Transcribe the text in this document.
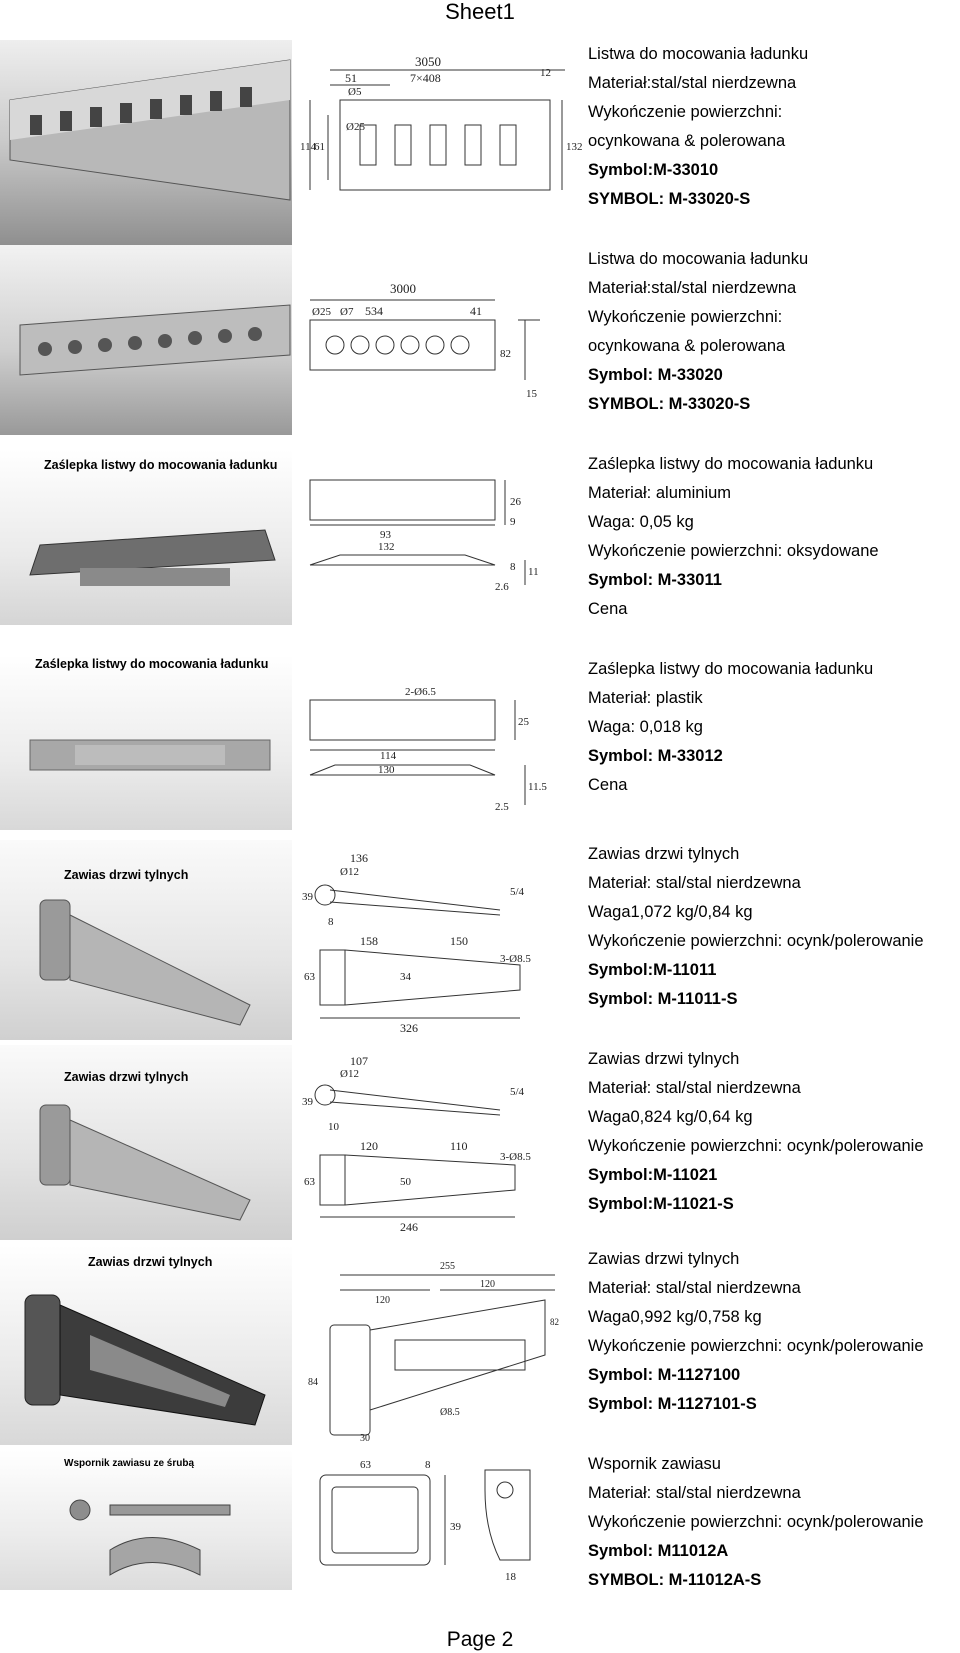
Sheet1
3050
7×408
51
Ø5
Ø25
12
114
61	132
Listwa do mocowania ładunku
Materiał:stal/stal nierdzewna
Wykończenie powierzchni:
ocynkowana & polerowana
Symbol:M-33010
SYMBOL: M-33020-S
3000
Ø25 Ø7 534	41
82
15
Listwa do mocowania ładunku
Materiał:stal/stal nierdzewna
Wykończenie powierzchni:
ocynkowana & polerowana
Symbol: M-33020
SYMBOL: M-33020-S
Zaślepka listwy do mocowania ładunku
93
132
26
9
8 11
2.6
Zaślepka listwy do mocowania ładunku
Materiał: aluminium
Waga: 0,05 kg
Wykończenie powierzchni: oksydowane
Symbol: M-33011
Cena
Zaślepka listwy do mocowania ładunku
2-Ø6.5
114
130
25
11.5
2.5
Zaślepka listwy do mocowania ładunku
Materiał: plastik
Waga: 0,018 kg
Symbol: M-33012
Cena
Zawias drzwi tylnych
136
Ø12
39
8
5/4
158	150
3-Ø8.5
63	34
326
Zawias drzwi tylnych
Materiał: stal/stal nierdzewna
Waga1,072 kg/0,84 kg
Wykończenie powierzchni: ocynk/polerowanie
Symbol:M-11011
Symbol: M-11011-S
Zawias drzwi tylnych
107
Ø12
39
10
5/4
120	110
3-Ø8.5
63	50
246
Zawias drzwi tylnych
Materiał: stal/stal nierdzewna
Waga0,824 kg/0,64 kg
Wykończenie powierzchni: ocynk/polerowanie
Symbol:M-11021
Symbol:M-11021-S
Zawias drzwi tylnych	255
120
120
82
84
Ø8.5
30
Zawias drzwi tylnych
Materiał: stal/stal nierdzewna
Waga0,992 kg/0,758 kg
Wykończenie powierzchni: ocynk/polerowanie
Symbol: M-1127100
Symbol: M-1127101-S
Wspornik zawiasu ze śrubą	63	8
39
18
Wspornik zawiasu
Materiał: stal/stal nierdzewna
Wykończenie powierzchni: ocynk/polerowanie
Symbol: M11012A
SYMBOL: M-11012A-S
Page 2
